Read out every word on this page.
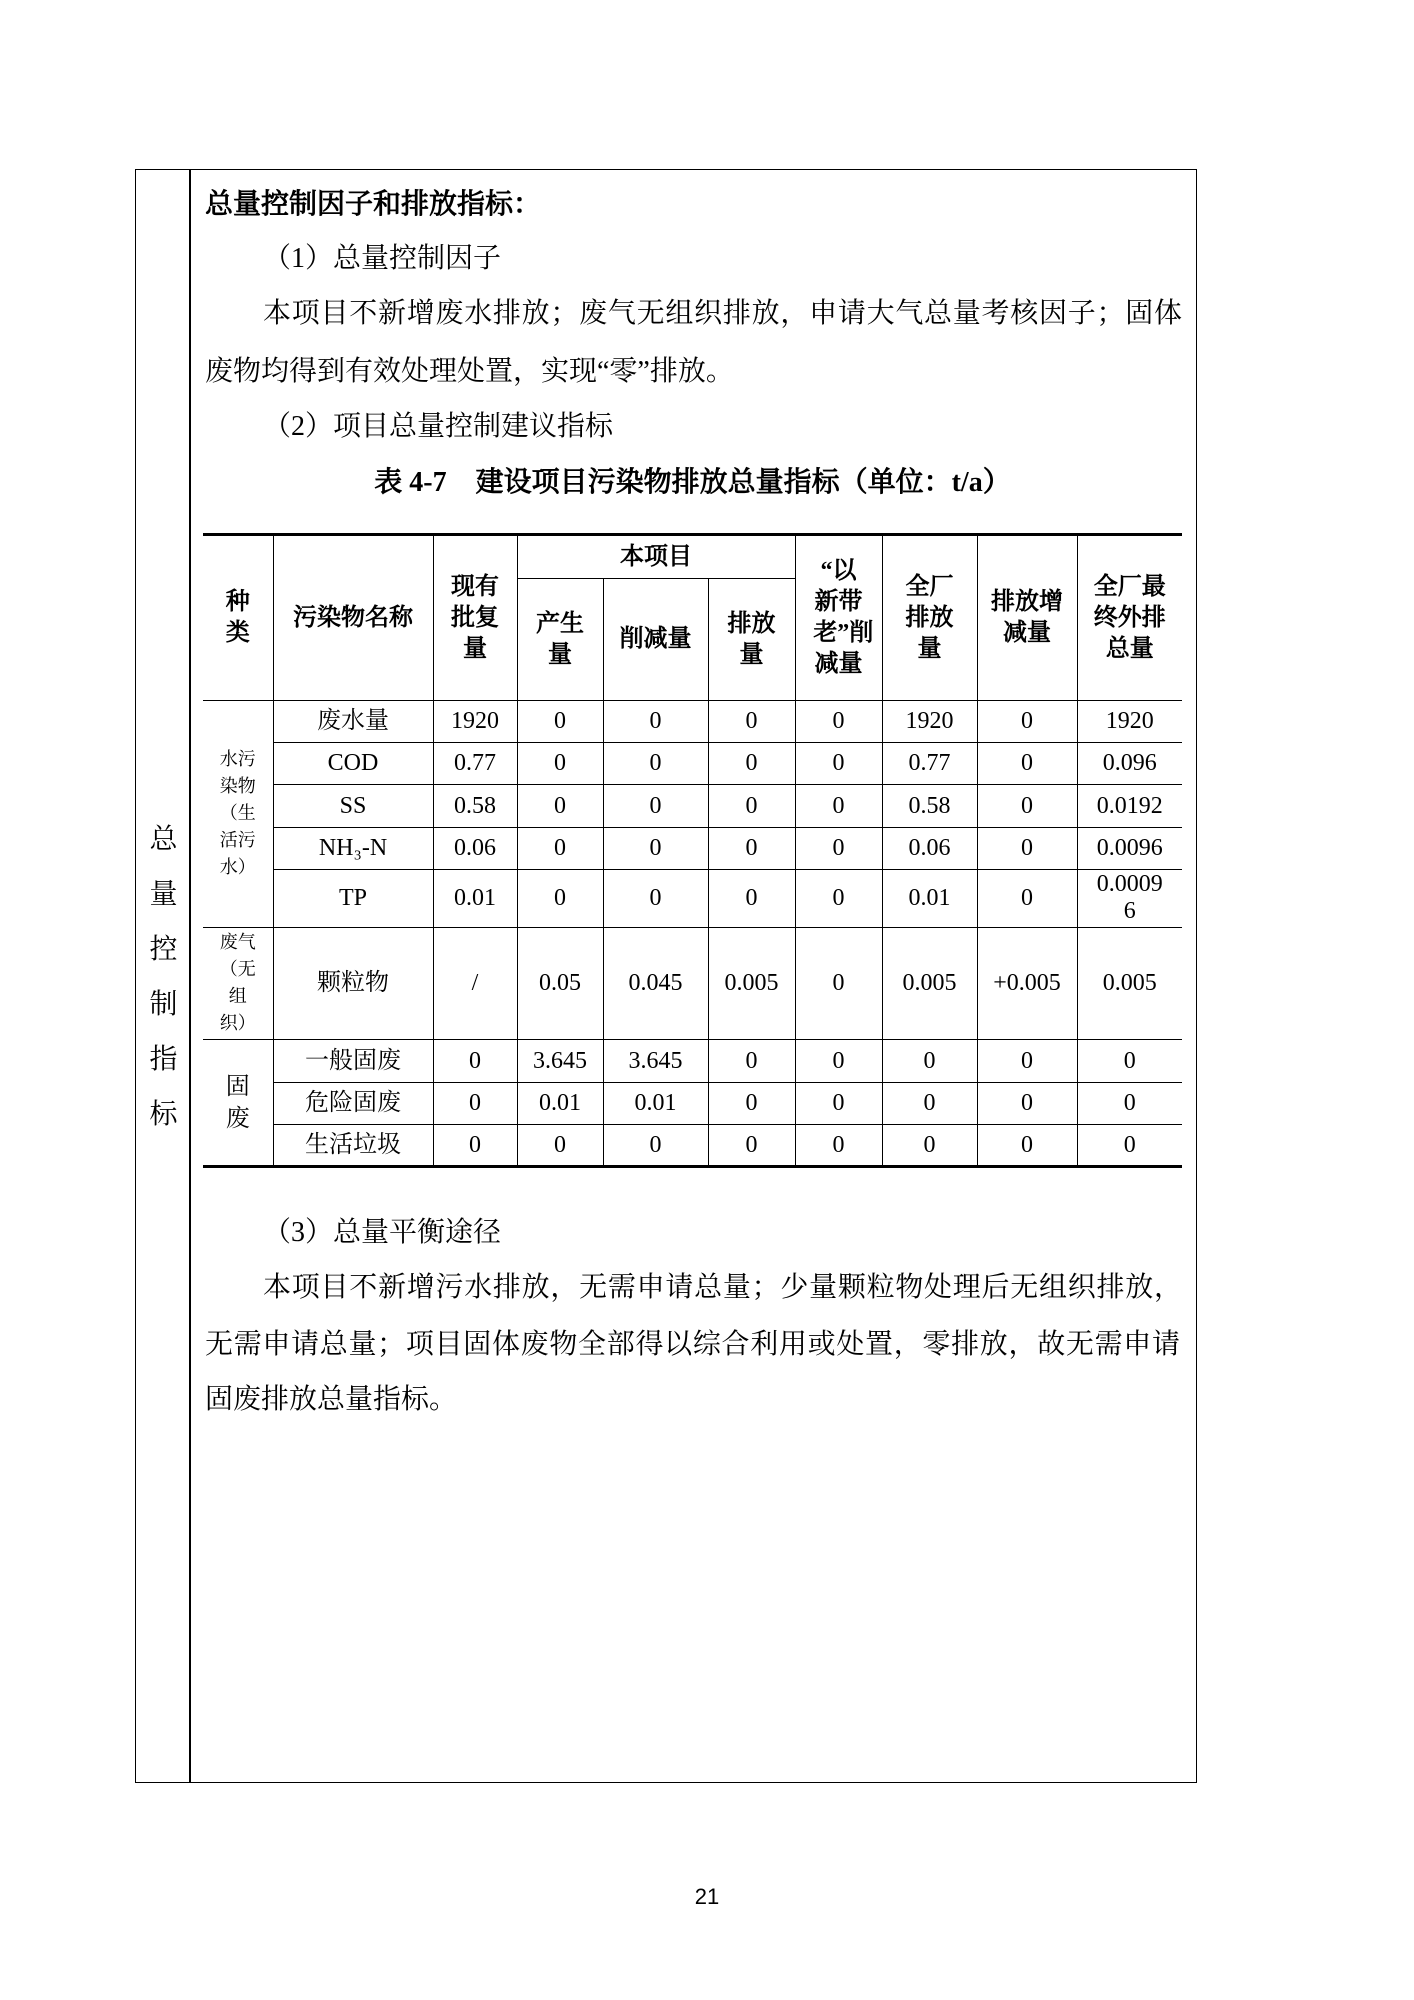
总量控制指标
总量控制因子和排放指标：
（1）总量控制因子
本项目不新增废水排放；废气无组织排放，申请大气总量考核因子；固体
废物均得到有效处理处置，实现“零”排放。
（2）项目总量控制建议指标
表 4-7 建设项目污染物排放总量指标（单位：t/a）
种类	污染物名称	现有批复量	本项目			“以新带老”削减量	全厂排放量	排放增减量	全厂最终外排总量
			产生量	削减量	排放量				
水污染物（生活污水）	废水量	1920	0	0	0	0	1920	0	1920
	COD	0.77	0	0	0	0	0.77	0	0.096
	SS	0.58	0	0	0	0	0.58	0	0.0192
	NH₃-N	0.06	0	0	0	0	0.06	0	0.0096
	TP	0.01	0	0	0	0	0.01	0	0.00096
废气（无组织）	颗粒物	/	0.05	0.045	0.005	0	0.005	+0.005	0.005
固废	一般固废	0	3.645	3.645	0	0	0	0	0
	危险固废	0	0.01	0.01	0	0	0	0	0
	生活垃圾	0	0	0	0	0	0	0	0
（3）总量平衡途径
本项目不新增污水排放，无需申请总量；少量颗粒物处理后无组织排放，
无需申请总量；项目固体废物全部得以综合利用或处置，零排放，故无需申请
固废排放总量指标。
21
